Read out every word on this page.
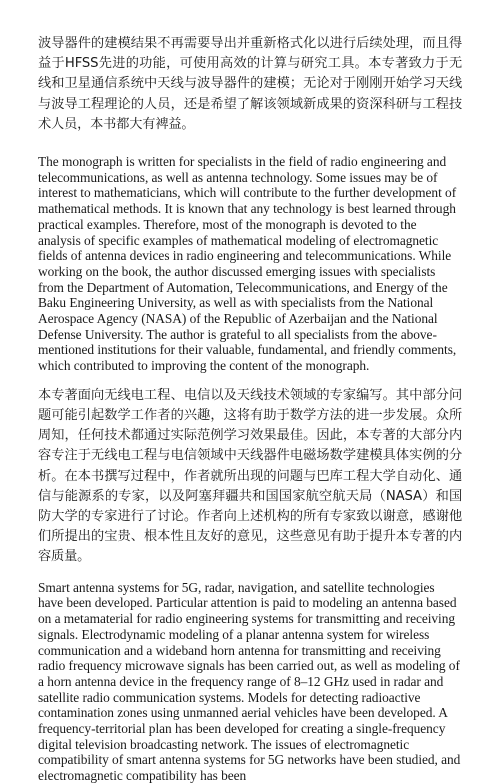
波导器件的建模结果不再需要导出并重新格式化以进行后续处理，而且得益于HFSS先进的功能，可使用高效的计算与研究工具。本专著致力于无线和卫星通信系统中天线与波导器件的建模；无论对于刚刚开始学习天线与波导工程理论的人员，还是希望了解该领域新成果的资深科研与工程技术人员，本书都大有裨益。

The monograph is written for specialists in the field of radio engineering and telecommunications, as well as antenna technology. Some issues may be of interest to mathematicians, which will contribute to the further development of mathematical methods. It is known that any technology is best learned through practical examples. Therefore, most of the monograph is devoted to the analysis of specific examples of mathematical modeling of electromagnetic fields of antenna devices in radio engineering and telecommunications. While working on the book, the author discussed emerging issues with specialists from the Department of Automation, Telecommunications, and Energy of the Baku Engineering University, as well as with specialists from the National Aerospace Agency (NASA) of the Republic of Azerbaijan and the National Defense University. The author is grateful to all specialists from the above-mentioned institutions for their valuable, fundamental, and friendly comments, which contributed to improving the content of the monograph.

本专著面向无线电工程、电信以及天线技术领域的专家编写。其中部分问题可能引起数学工作者的兴趣，这将有助于数学方法的进一步发展。众所周知，任何技术都通过实际范例学习效果最佳。因此，本专著的大部分内容专注于无线电工程与电信领域中天线器件电磁场数学建模具体实例的分析。在本书撰写过程中，作者就所出现的问题与巴库工程大学自动化、通信与能源系的专家，以及阿塞拜疆共和国国家航空航天局（NASA）和国防大学的专家进行了讨论。作者向上述机构的所有专家致以谢意，感谢他们所提出的宝贵、根本性且友好的意见，这些意见有助于提升本专著的内容质量。

Smart antenna systems for 5G, radar, navigation, and satellite technologies have been developed. Particular attention is paid to modeling an antenna based on a metamaterial for radio engineering systems for transmitting and receiving signals. Electrodynamic modeling of a planar antenna system for wireless communication and a wideband horn antenna for transmitting and receiving radio frequency microwave signals has been carried out, as well as modeling of a horn antenna device in the frequency range of 8–12 GHz used in radar and satellite radio communication systems. Models for detecting radioactive contamination zones using unmanned aerial vehicles have been developed. A frequency-territorial plan has been developed for creating a single-frequency digital television broadcasting network. The issues of electromagnetic compatibility of smart antenna systems for 5G networks have been studied, and electromagnetic compatibility has been
